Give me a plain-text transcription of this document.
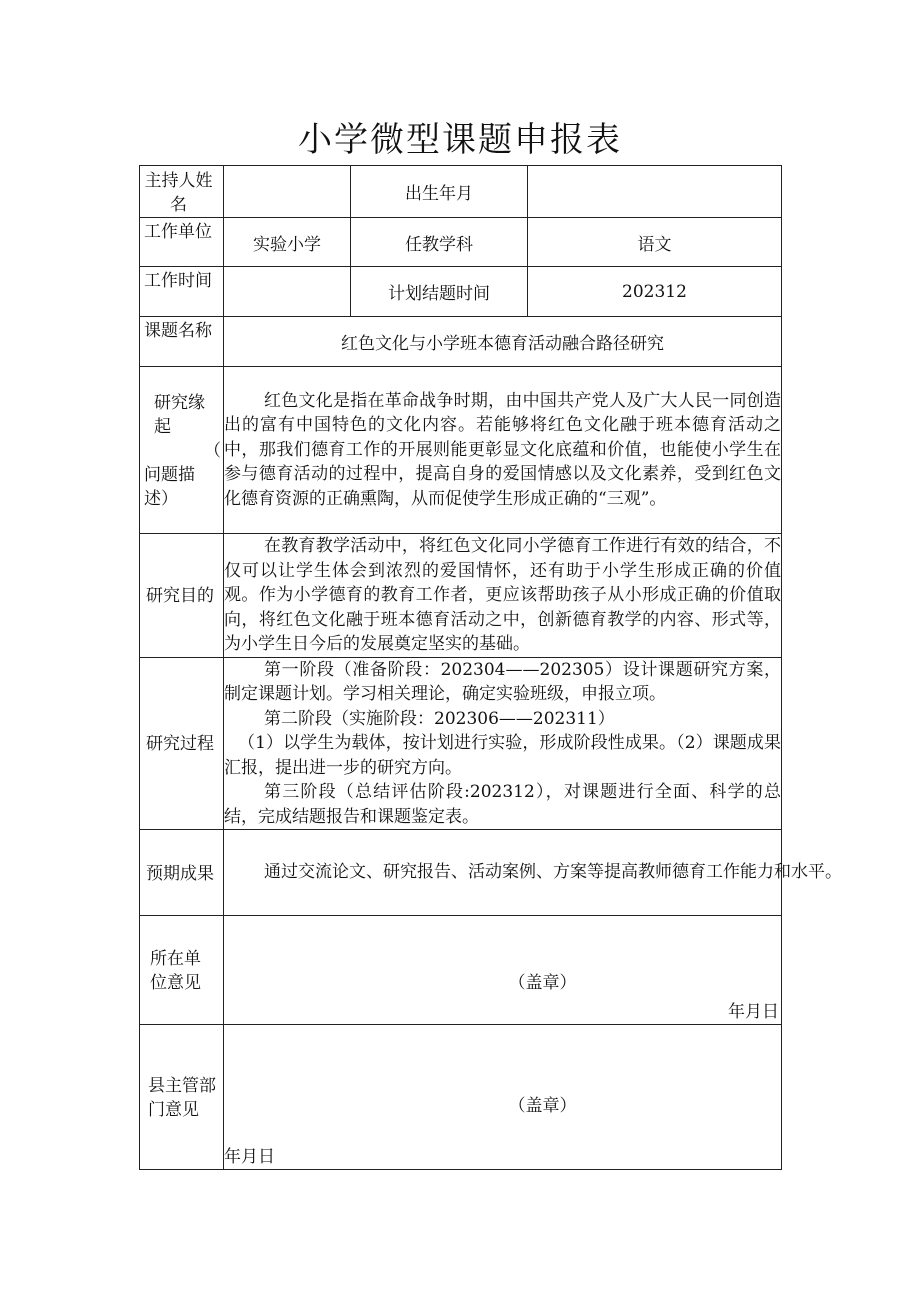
小学微型课题申报表
主持人姓名		出生年月	
工作单位	实验小学	任教学科	语文
工作时间		计划结题时间	202312
课题名称	红色文化与小学班本德育活动融合路径研究		

研究缘起
（
问题描述）	红色文化是指在革命战争时期，由中国共产党人及广大人民一同创造出的富有中国特色的文化内容。若能够将红色文化融于班本德育活动之中，那我们德育工作的开展则能更彰显文化底蕴和价值，也能使小学生在参与德育活动的过程中，提高自身的爱国情感以及文化素养，受到红色文化德育资源的正确熏陶，从而促使学生形成正确的“三观”。		

研究目的	在教育教学活动中，将红色文化同小学德育工作进行有效的结合，不仅可以让学生体会到浓烈的爱国情怀，还有助于小学生形成正确的价值观。作为小学德育的教育工作者，更应该帮助孩子从小形成正确的价值取向，将红色文化融于班本德育活动之中，创新德育教学的内容、形式等，为小学生日今后的发展奠定坚实的基础。		

研究过程	第一阶段（准备阶段：202304——202305）设计课题研究方案，制定课题计划。学习相关理论，确定实验班级，申报立项。

第二阶段（实施阶段：202306——202311）

（1）以学生为载体，按计划进行实验，形成阶段性成果。（2）课题成果汇报，提出进一步的研究方向。

第三阶段（总结评估阶段:202312），对课题进行全面、科学的总结，完成结题报告和课题鉴定表。		

预期成果	通过交流论文、研究报告、活动案例、方案等提高教师德育工作能力和水平。		

所在单位意见	（盖章）
年月日		

县主管部门意见	（盖章）
年月日		
